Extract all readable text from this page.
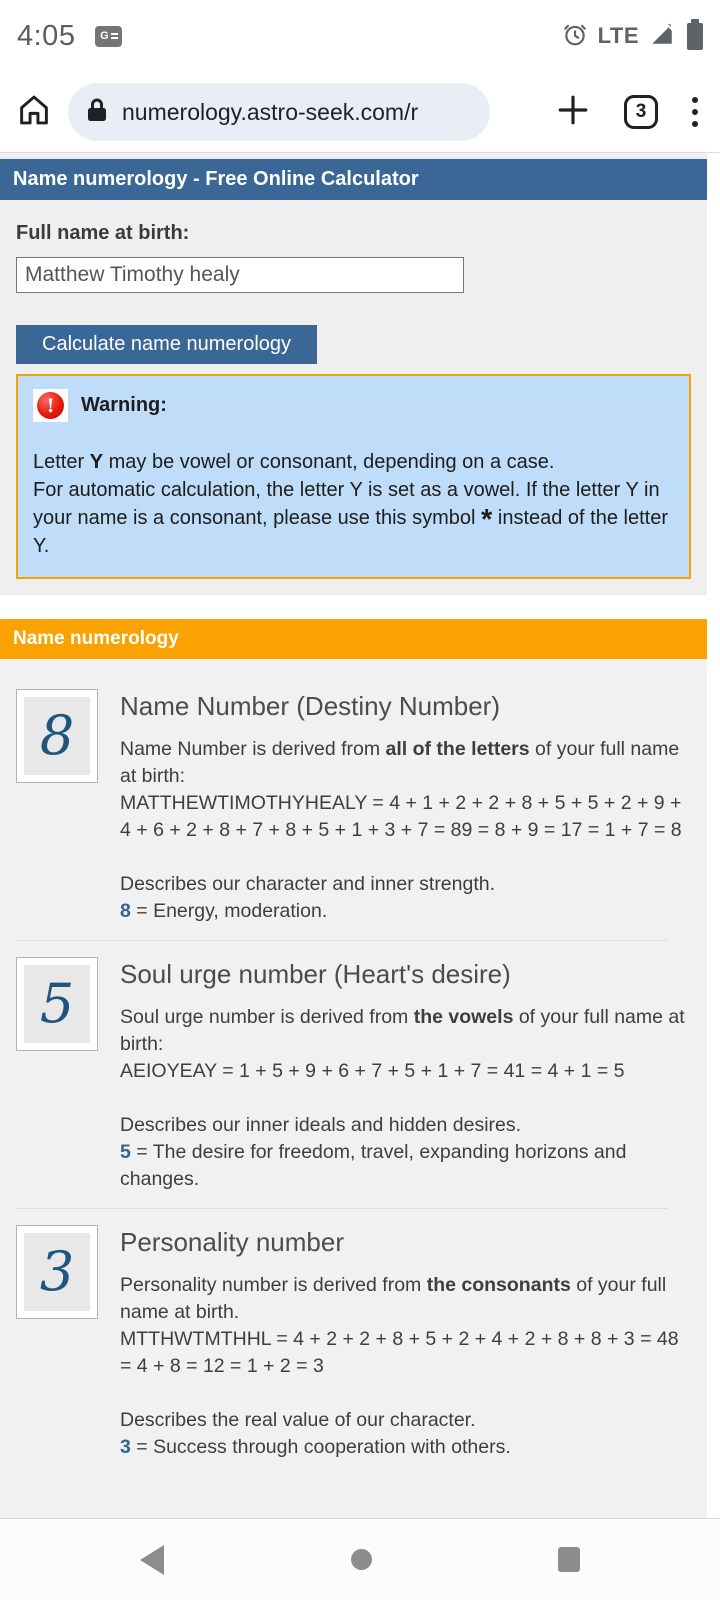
4:05 G	LTE
numerology.astro-seek.com/r	3
Name numerology - Free Online Calculator
Full name at birth:
Matthew Timothy healy
Calculate name numerology
!	Warning:
Letter Y may be vowel or consonant, depending on a case.
For automatic calculation, the letter Y is set as a vowel. If the letter Y in your name is a consonant, please use this symbol * instead of the letter Y.
Name numerology
8 Name Number (Destiny Number)
Name Number is derived from all of the letters of your full name at birth:
MATTHEWTIMOTHYHEALY = 4 + 1 + 2 + 2 + 8 + 5 + 5 + 2 + 9 + 4 + 6 + 2 + 8 + 7 + 8 + 5 + 1 + 3 + 7 = 89 = 8 + 9 = 17 = 1 + 7 = 8
Describes our character and inner strength.
8 = Energy, moderation.
5 Soul urge number (Heart's desire)
Soul urge number is derived from the vowels of your full name at birth:
AEIOYEAY = 1 + 5 + 9 + 6 + 7 + 5 + 1 + 7 = 41 = 4 + 1 = 5
Describes our inner ideals and hidden desires.
5 = The desire for freedom, travel, expanding horizons and changes.
3 Personality number
Personality number is derived from the consonants of your full name at birth.
MTTHWTMTHHL = 4 + 2 + 2 + 8 + 5 + 2 + 4 + 2 + 8 + 8 + 3 = 48 = 4 + 8 = 12 = 1 + 2 = 3
Describes the real value of our character.
3 = Success through cooperation with others.
